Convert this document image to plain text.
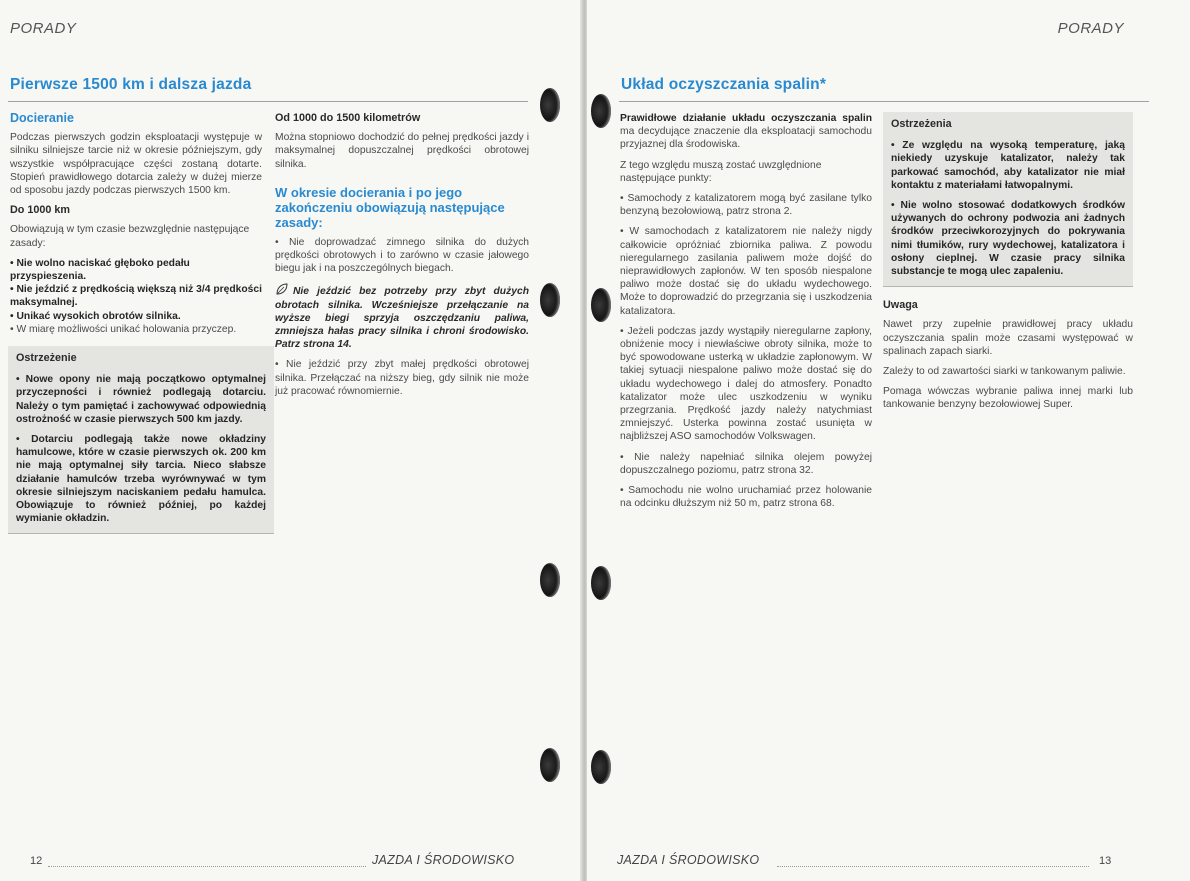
PORADY
Pierwsze 1500 km i dalsza jazda

Docieranie

Podczas pierwszych godzin eksploatacji występuje w silniku silniejsze tarcie niż w okresie późniejszym, gdy wszystkie współpracujące części zostaną dotarte. Stopień prawidłowego dotarcia zależy w dużej mierze od sposobu jazdy podczas pierwszych 1500 km.

Do 1000 km

Obowiązują w tym czasie bezwzględnie następujące zasady:

• Nie wolno naciskać głęboko pedału przyspieszenia.
• Nie jeździć z prędkością większą niż 3/4 prędkości maksymalnej.
• Unikać wysokich obrotów silnika.
• W miarę możliwości unikać holowania przyczep.

Ostrzeżenie

• Nowe opony nie mają początkowo optymalnej przyczepności i również podlegają dotarciu. Należy o tym pamiętać i zachowywać odpowiednią ostrożność w czasie pierwszych 500 km jazdy.

• Dotarciu podlegają także nowe okładziny hamulcowe, które w czasie pierwszych ok. 200 km nie mają optymalnej siły tarcia. Nieco słabsze działanie hamulców trzeba wyrównywać w tym okresie silniejszym naciskaniem pedału hamulca. Obowiązuje to również później, po każdej wymianie okładzin.

Od 1000 do 1500 kilometrów

Można stopniowo dochodzić do pełnej prędkości jazdy i maksymalnej dopuszczalnej prędkości obrotowej silnika.

W okresie docierania i po jego zakończeniu obowiązują następujące zasady:

• Nie doprowadzać zimnego silnika do dużych prędkości obrotowych i to zarówno w czasie jałowego biegu jak i na poszczególnych biegach.

Nie jeździć bez potrzeby przy zbyt dużych obrotach silnika. Wcześniejsze przełączanie na wyższe biegi sprzyja oszczędzaniu paliwa, zmniejsza hałas pracy silnika i chroni środowisko. Patrz strona 14.

• Nie jeździć przy zbyt małej prędkości obrotowej silnika. Przełączać na niższy bieg, gdy silnik nie może już pracować równomiernie.

12	JAZDA I ŚRODOWISKO
PORADY
Układ oczyszczania spalin*

Prawidłowe działanie układu oczyszczania spalin ma decydujące znaczenie dla eksploatacji samochodu przyjaznej dla środowiska.

Z tego względu muszą zostać uwzględnione następujące punkty:

• Samochody z katalizatorem mogą być zasilane tylko benzyną bezołowiową, patrz strona 2.

• W samochodach z katalizatorem nie należy nigdy całkowicie opróżniać zbiornika paliwa. Z powodu nieregularnego zasilania paliwem może dojść do nieprawidłowych zapłonów. W ten sposób niespalone paliwo może dostać się do układu wydechowego. Może to doprowadzić do przegrzania się i uszkodzenia katalizatora.

• Jeżeli podczas jazdy wystąpiły nieregularne zapłony, obniżenie mocy i niewłaściwe obroty silnika, może to być spowodowane usterką w układzie zapłonowym. W takiej sytuacji niespalone paliwo może dostać się do układu wydechowego i dalej do atmosfery. Ponadto katalizator może ulec uszkodzeniu w wyniku przegrzania. Prędkość jazdy należy natychmiast zmniejszyć. Usterka powinna zostać usunięta w najbliższej ASO samochodów Volkswagen.

• Nie należy napełniać silnika olejem powyżej dopuszczalnego poziomu, patrz strona 32.

• Samochodu nie wolno uruchamiać przez holowanie na odcinku dłuższym niż 50 m, patrz strona 68.

Ostrzeżenia

• Ze względu na wysoką temperaturę, jaką niekiedy uzyskuje katalizator, należy tak parkować samochód, aby katalizator nie miał kontaktu z materiałami łatwopalnymi.

• Nie wolno stosować dodatkowych środków używanych do ochrony podwozia ani żadnych środków przeciwkorozyjnych do pokrywania nimi tłumików, rury wydechowej, katalizatora i osłony cieplnej. W czasie pracy silnika substancje te mogą ulec zapaleniu.

Uwaga

Nawet przy zupełnie prawidłowej pracy układu oczyszczania spalin może czasami występować w spalinach zapach siarki.

Zależy to od zawartości siarki w tankowanym paliwie.

Pomaga wówczas wybranie paliwa innej marki lub tankowanie benzyny bezołowiowej Super.

JAZDA I ŚRODOWISKO	13
